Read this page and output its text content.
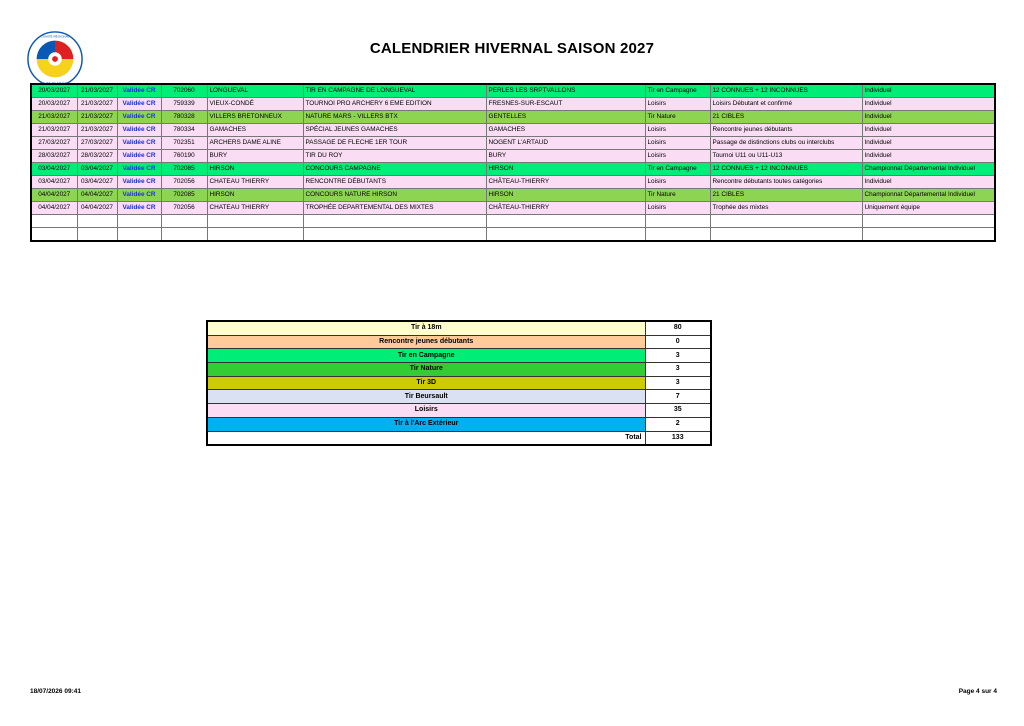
COMITÉ RÉGIONAL
CALENDRIER HIVERNAL SAISON 2027
20/03/2027	21/03/2027	Validée CR	702060	LONGUEVAL	TIR EN CAMPAGNE DE LONGUEVAL	PERLES LES SRPTVALLONS	Tir en Campagne	12 CONNUES + 12 INCONNUES	Individuel
20/03/2027	21/03/2027	Validée CR	759339	VIEUX-CONDÉ	TOURNOI PRO ARCHERY 6 EME EDITION	FRESNES-SUR-ESCAUT	Loisirs	Loisirs Débutant et confirmé	Individuel
21/03/2027	21/03/2027	Validée CR	780328	VILLERS BRETONNEUX	NATURE MARS - VILLERS BTX	GENTELLES	Tir Nature	21 CIBLES	Individuel
21/03/2027	21/03/2027	Validée CR	780334	GAMACHES	SPÉCIAL JEUNES GAMACHES	GAMACHES	Loisirs	Rencontre jeunes débutants	Individuel
27/03/2027	27/03/2027	Validée CR	702351	ARCHERS DAME ALINE	PASSAGE DE FLECHE 1ER TOUR	NOGENT L'ARTAUD	Loisirs	Passage de distinctions clubs ou interclubs	Individuel
28/03/2027	28/03/2027	Validée CR	760190	BURY	TIR DU ROY	BURY	Loisirs	Tournoi U11 ou U11-U13	Individuel
03/04/2027	03/04/2027	Validée CR	702085	HIRSON	CONCOURS CAMPAGNE	HIRSON	Tir en Campagne	12 CONNUES + 12 INCONNUES	Championnat Départemental Individuel
03/04/2027	03/04/2027	Validée CR	702056	CHATEAU THIERRY	RENCONTRE DÉBUTANTS	CHÂTEAU-THIERRY	Loisirs	Rencontre débutants toutes catégories	Individuel
04/04/2027	04/04/2027	Validée CR	702085	HIRSON	CONCOURS NATURE HIRSON	HIRSON	Tir Nature	21 CIBLES	Championnat Départemental Individuel
04/04/2027	04/04/2027	Validée CR	702056	CHATEAU THIERRY	TROPHÉE DEPARTEMENTAL DES MIXTES	CHÂTEAU-THIERRY	Loisirs	Trophée des mixtes	Uniquement équipe

Tir à 18m	80
Rencontre jeunes débutants	0
Tir en Campagne	3
Tir Nature	3
Tir 3D	3
Tir Beursault	7
Loisirs	35
Tir à l'Arc Extérieur	2
Total	133
18/07/2026 09:41	Page 4 sur 4
